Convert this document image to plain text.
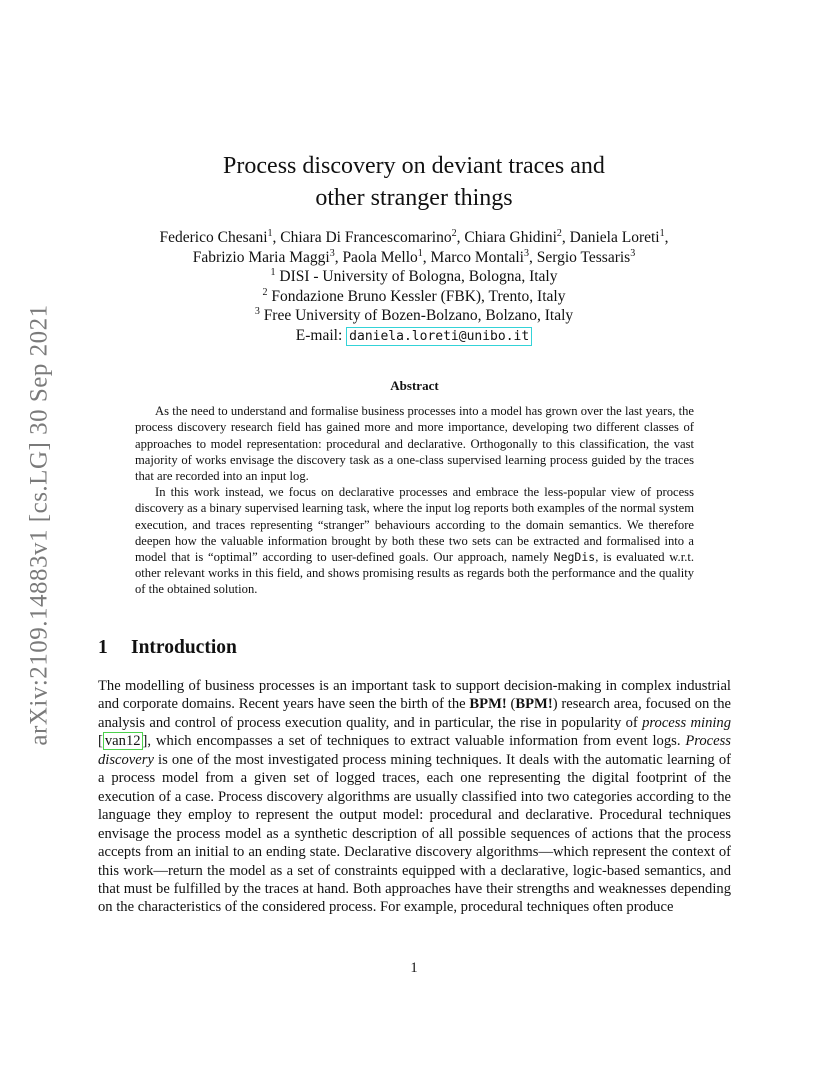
arXiv:2109.14883v1 [cs.LG] 30 Sep 2021
Process discovery on deviant traces and
other stranger things
Federico Chesani$^1$, Chiara Di Francescomarino$^2$, Chiara Ghidini$^2$, Daniela Loreti$^1$,
Fabrizio Maria Maggi$^3$, Paola Mello$^1$, Marco Montali$^3$, Sergio Tessaris$^3$
$^1$ DISI - University of Bologna, Bologna, Italy
$^2$ Fondazione Bruno Kessler (FBK), Trento, Italy
$^3$ Free University of Bozen-Bolzano, Bolzano, Italy
E-mail: daniela.loreti@unibo.it
Abstract

As the need to understand and formalise business processes into a model has grown over the last years, the process discovery research field has gained more and more importance, developing two different classes of approaches to model representation: procedural and declarative. Orthogonally to this classification, the vast majority of works envisage the discovery task as a one-class supervised learning process guided by the traces that are recorded into an input log.

In this work instead, we focus on declarative processes and embrace the less-popular view of process discovery as a binary supervised learning task, where the input log reports both examples of the normal system execution, and traces representing “stranger” behaviours according to the domain semantics. We therefore deepen how the valuable information brought by both these two sets can be extracted and formalised into a model that is “optimal” according to user-defined goals. Our approach, namely NegDis, is evaluated w.r.t. other relevant works in this field, and shows promising results as regards both the performance and the quality of the obtained solution.

1 Introduction

The modelling of business processes is an important task to support decision-making in complex industrial and corporate domains. Recent years have seen the birth of the BPM! (BPM!) research area, focused on the analysis and control of process execution quality, and in particular, the rise in popularity of process mining [ van12 ], which encompasses a set of techniques to extract valuable information from event logs. Process discovery is one of the most investigated process mining techniques. It deals with the automatic learning of a process model from a given set of logged traces, each one representing the digital footprint of the execution of a case. Process discovery algorithms are usually classified into two categories according to the language they employ to represent the output model: procedural and declarative. Procedural techniques envisage the process model as a synthetic description of all possible sequences of actions that the process accepts from an initial to an ending state. Declarative discovery algorithms—which represent the context of this work—return the model as a set of constraints equipped with a declarative, logic-based semantics, and that must be fulfilled by the traces at hand. Both approaches have their strengths and weaknesses depending on the characteristics of the considered process. For example, procedural techniques often produce

1
